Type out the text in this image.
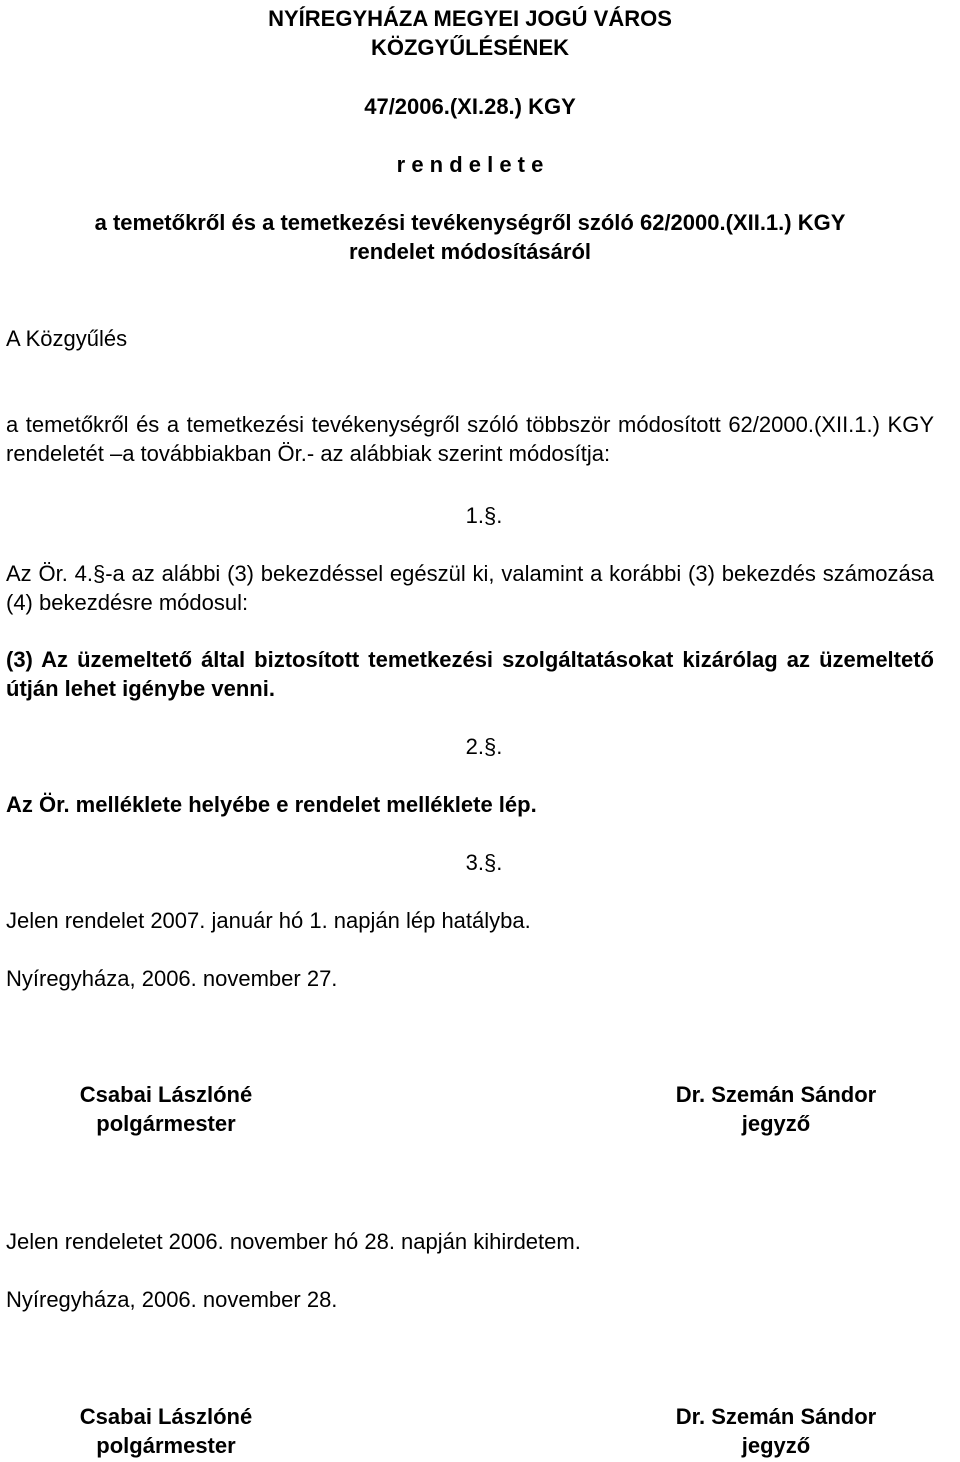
NYÍREGYHÁZA MEGYEI JOGÚ VÁROS
KÖZGYŰLÉSÉNEK
47/2006.(XI.28.) KGY
r e n d e l e t e
a temetőkről és a temetkezési tevékenységről szóló 62/2000.(XII.1.) KGY
rendelet módosításáról
A Közgyűlés
a temetőkről és a temetkezési tevékenységről szóló többször módosított 62/2000.(XII.1.) KGY rendeletét –a továbbiakban Ör.- az alábbiak szerint módosítja:
1.§.
Az Ör. 4.§-a az alábbi (3) bekezdéssel egészül ki, valamint a korábbi (3) bekezdés számozása (4) bekezdésre módosul:
(3) Az üzemeltető által biztosított temetkezési szolgáltatásokat kizárólag az üzemeltető útján lehet igénybe venni.
2.§.
Az Ör. melléklete helyébe e rendelet melléklete lép.
3.§.
Jelen rendelet 2007. január hó 1. napján lép hatályba.
Nyíregyháza, 2006. november 27.
Csabai Lászlóné
polgármester
Dr. Szemán Sándor
jegyző
Jelen rendeletet 2006. november hó 28. napján kihirdetem.
Nyíregyháza, 2006. november 28.
Csabai Lászlóné
polgármester
Dr. Szemán Sándor
jegyző
